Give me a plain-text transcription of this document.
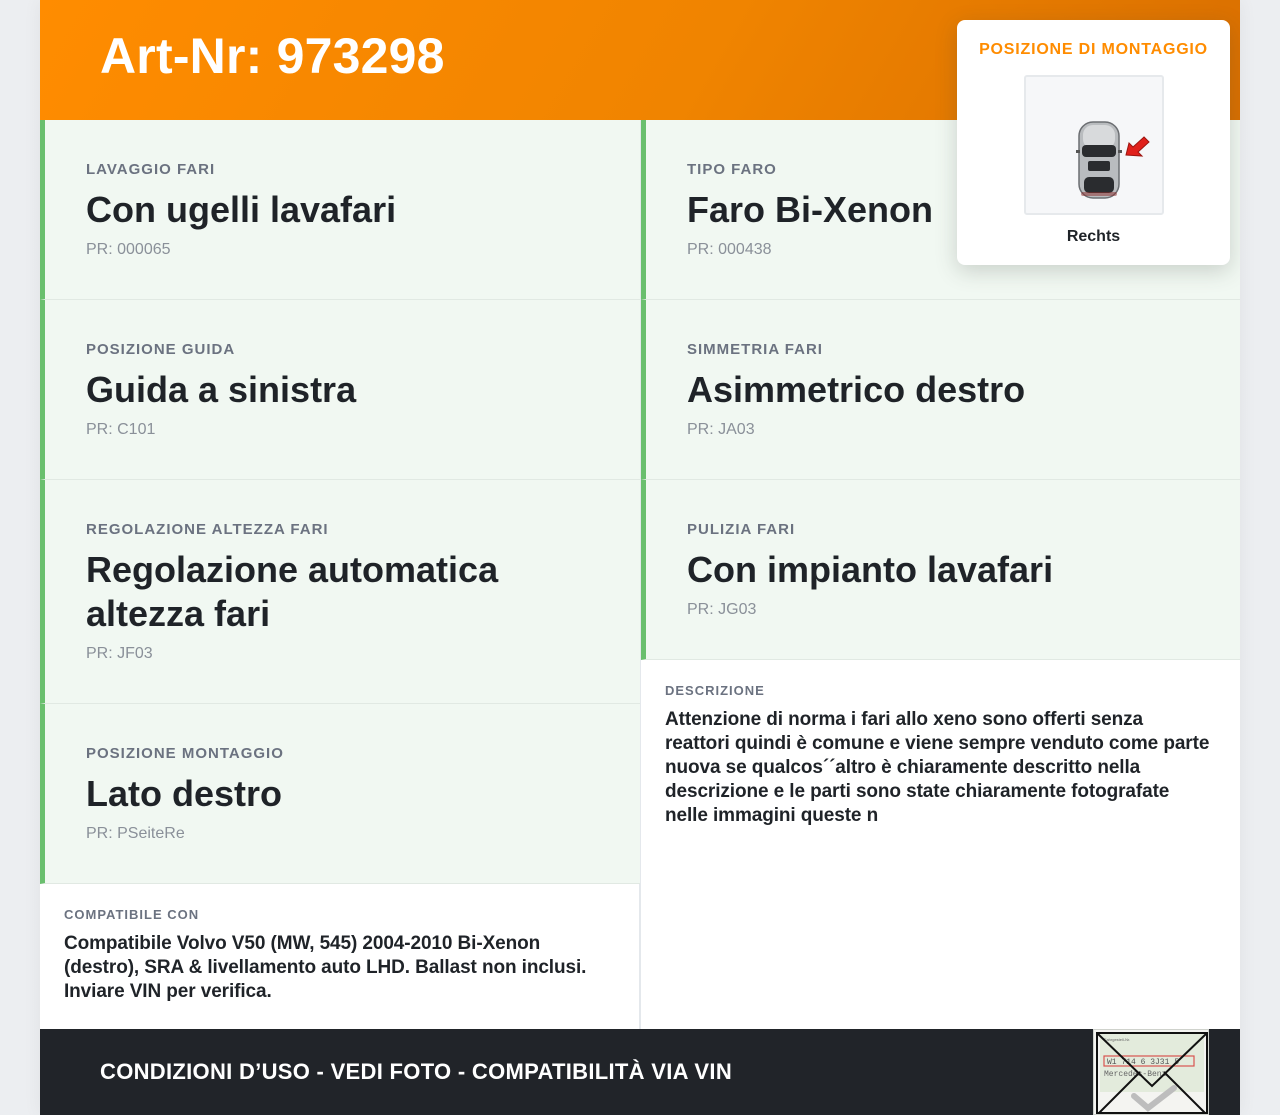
Art-Nr: 973298
LAVAGGIO FARI
Con ugelli lavafari
PR: 000065
POSIZIONE GUIDA
Guida a sinistra
PR: C101
REGOLAZIONE ALTEZZA FARI
Regolazione automatica altezza fari
PR: JF03
POSIZIONE MONTAGGIO
Lato destro
PR: PSeiteRe
TIPO FARO
Faro Bi-Xenon
PR: 000438
SIMMETRIA FARI
Asimmetrico destro
PR: JA03
PULIZIA FARI
Con impianto lavafari
PR: JG03
DESCRIZIONE
Attenzione di norma i fari allo xeno sono offerti senza reattori quindi è comune e viene sempre venduto come parte nuova se qualcos´´altro è chiaramente descritto nella descrizione e le parti sono state chiaramente fotografate nelle immagini queste n
COMPATIBILE CON
Compatibile Volvo V50 (MW, 545) 2004-2010 Bi-Xenon (destro), SRA & livellamento auto LHD. Ballast non inclusi. Inviare VIN per verifica.
CONDIZIONI D’USO - VEDI FOTO - COMPATIBILITÀ VIA VIN	W1 714 6 3J31 5
Mercedes-Benz
Fahrgestell-Nr.
POSIZIONE DI MONTAGGIO
Rechts
